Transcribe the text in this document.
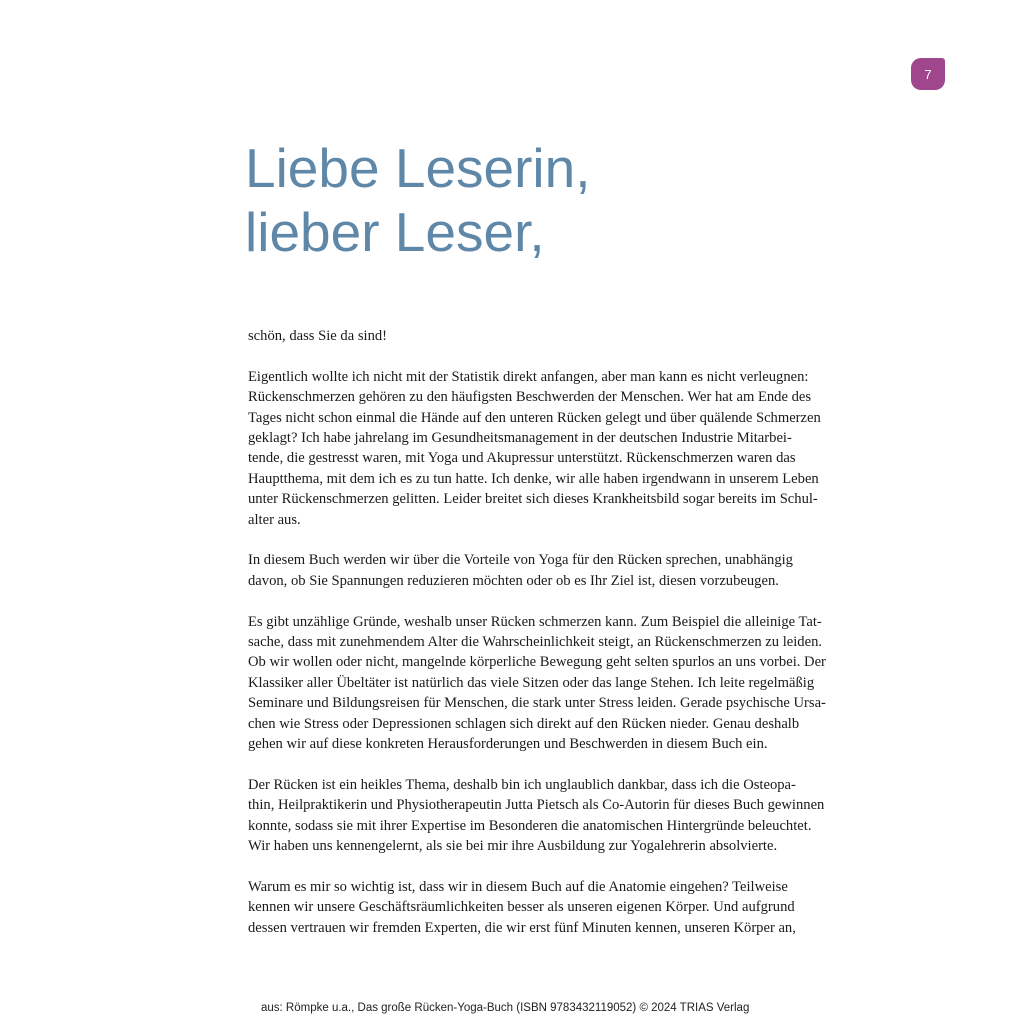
7
Liebe Leserin,
lieber Leser,

schön, dass Sie da sind!

Eigentlich wollte ich nicht mit der Statistik direkt anfangen, aber man kann es nicht verleugnen:
Rückenschmerzen gehören zu den häufigsten Beschwerden der Menschen. Wer hat am Ende des
Tages nicht schon einmal die Hände auf den unteren Rücken gelegt und über quälende Schmerzen
geklagt? Ich habe jahrelang im Gesundheitsmanagement in der deutschen Industrie Mitarbei-
tende, die gestresst waren, mit Yoga und Akupressur unterstützt. Rückenschmerzen waren das
Hauptthema, mit dem ich es zu tun hatte. Ich denke, wir alle haben irgendwann in unserem Leben
unter Rückenschmerzen gelitten. Leider breitet sich dieses Krankheitsbild sogar bereits im Schul-
alter aus.

In diesem Buch werden wir über die Vorteile von Yoga für den Rücken sprechen, unabhängig
davon, ob Sie Spannungen reduzieren möchten oder ob es Ihr Ziel ist, diesen vorzubeugen.

Es gibt unzählige Gründe, weshalb unser Rücken schmerzen kann. Zum Beispiel die alleinige Tat-
sache, dass mit zunehmendem Alter die Wahrscheinlichkeit steigt, an Rückenschmerzen zu leiden.
Ob wir wollen oder nicht, mangelnde körperliche Bewegung geht selten spurlos an uns vorbei. Der
Klassiker aller Übeltäter ist natürlich das viele Sitzen oder das lange Stehen. Ich leite regelmäßig
Seminare und Bildungsreisen für Menschen, die stark unter Stress leiden. Gerade psychische Ursa-
chen wie Stress oder Depressionen schlagen sich direkt auf den Rücken nieder. Genau deshalb
gehen wir auf diese konkreten Herausforderungen und Beschwerden in diesem Buch ein.

Der Rücken ist ein heikles Thema, deshalb bin ich unglaublich dankbar, dass ich die Osteopa-
thin, Heilpraktikerin und Physiotherapeutin Jutta Pietsch als Co-Autorin für dieses Buch gewinnen
konnte, sodass sie mit ihrer Expertise im Besonderen die anatomischen Hintergründe beleuchtet.
Wir haben uns kennengelernt, als sie bei mir ihre Ausbildung zur Yogalehrerin absolvierte.

Warum es mir so wichtig ist, dass wir in diesem Buch auf die Anatomie eingehen? Teilweise
kennen wir unsere Geschäftsräumlichkeiten besser als unseren eigenen Körper. Und aufgrund
dessen vertrauen wir fremden Experten, die wir erst fünf Minuten kennen, unseren Körper an,

aus: Römpke u.a., Das große Rücken-Yoga-Buch (ISBN 9783432119052) © 2024 TRIAS Verlag
